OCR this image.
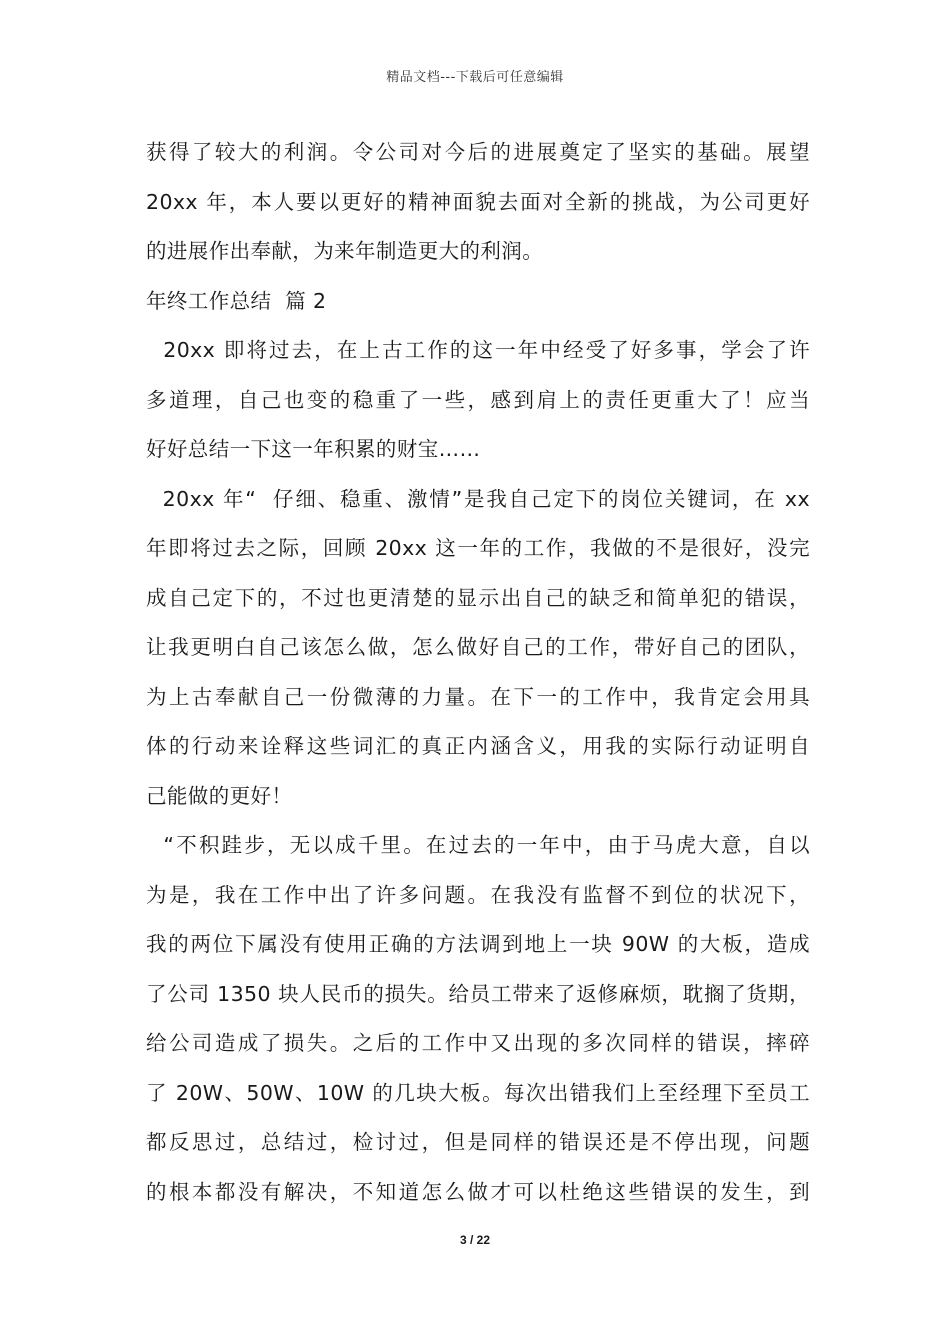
精品文档---下载后可任意编辑
获得了较大的利润。令公司对今后的进展奠定了坚实的基础。展望
20xx 年，本人要以更好的精神面貌去面对全新的挑战，为公司更好
的进展作出奉献，为来年制造更大的利润。
年终工作总结  篇 2
20xx 即将过去，在上古工作的这一年中经受了好多事，学会了许
多道理，自己也变的稳重了一些，感到肩上的责任更重大了！应当
好好总结一下这一年积累的财宝……
20xx 年“  仔细、稳重、激情”是我自己定下的岗位关键词，在 xx
年即将过去之际，回顾 20xx 这一年的工作，我做的不是很好，没完
成自己定下的，不过也更清楚的显示出自己的缺乏和简单犯的错误，
让我更明白自己该怎么做，怎么做好自己的工作，带好自己的团队，
为上古奉献自己一份微薄的力量。在下一的工作中，我肯定会用具
体的行动来诠释这些词汇的真正内涵含义，用我的实际行动证明自
己能做的更好！
“不积跬步，无以成千里。在过去的一年中，由于马虎大意，自以
为是，我在工作中出了许多问题。在我没有监督不到位的状况下，
我的两位下属没有使用正确的方法调到地上一块 90W 的大板，造成
了公司 1350 块人民币的损失。给员工带来了返修麻烦，耽搁了货期，
给公司造成了损失。之后的工作中又出现的多次同样的错误，摔碎
了 20W、50W、10W 的几块大板。每次出错我们上至经理下至员工
都反思过，总结过，检讨过，但是同样的错误还是不停出现，问题
的根本都没有解决，不知道怎么做才可以杜绝这些错误的发生，到
3 / 22
